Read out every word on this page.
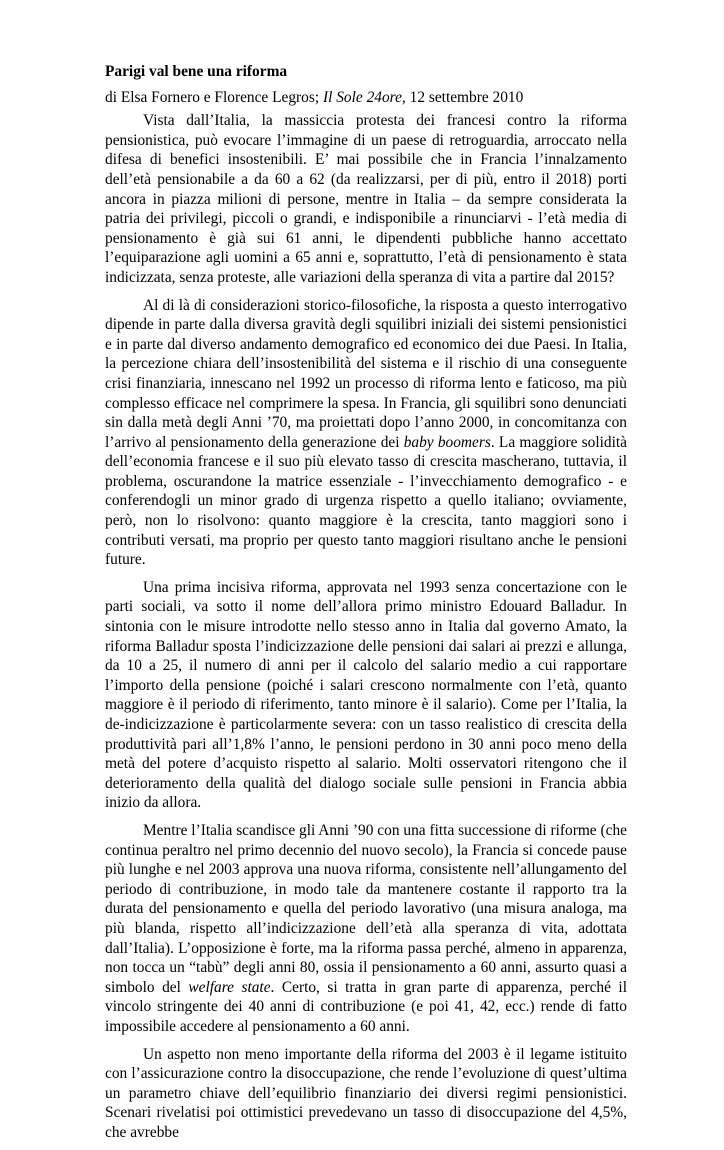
Parigi val bene una riforma

di Elsa Fornero e Florence Legros; Il Sole 24ore, 12 settembre 2010

Vista dall’Italia, la massiccia protesta dei francesi contro la riforma pensionistica, può evocare l’immagine di un paese di retroguardia, arroccato nella difesa di benefici insostenibili. E’ mai possibile che in Francia l’innalzamento dell’età pensionabile a da 60 a 62 (da realizzarsi, per di più, entro il 2018) porti ancora in piazza milioni di persone, mentre in Italia – da sempre considerata la patria dei privilegi, piccoli o grandi, e indisponibile a rinunciarvi - l’età media di pensionamento è già sui 61 anni, le dipendenti pubbliche hanno accettato l’equiparazione agli uomini a 65 anni e, soprattutto, l’età di pensionamento è stata indicizzata, senza proteste, alle variazioni della speranza di vita a partire dal 2015?

Al di là di considerazioni storico-filosofiche, la risposta a questo interrogativo dipende in parte dalla diversa gravità degli squilibri iniziali dei sistemi pensionistici e in parte dal diverso andamento demografico ed economico dei due Paesi. In Italia, la percezione chiara dell’insostenibilità del sistema e il rischio di una conseguente crisi finanziaria, innescano nel 1992 un processo di riforma lento e faticoso, ma più complesso efficace nel comprimere la spesa. In Francia, gli squilibri sono denunciati sin dalla metà degli Anni ’70, ma proiettati dopo l’anno 2000, in concomitanza con l’arrivo al pensionamento della generazione dei baby boomers. La maggiore solidità dell’economia francese e il suo più elevato tasso di crescita mascherano, tuttavia, il problema, oscurandone la matrice essenziale - l’invecchiamento demografico - e conferendogli un minor grado di urgenza rispetto a quello italiano; ovviamente, però, non lo risolvono: quanto maggiore è la crescita, tanto maggiori sono i contributi versati, ma proprio per questo tanto maggiori risultano anche le pensioni future.

Una prima incisiva riforma, approvata nel 1993 senza concertazione con le parti sociali, va sotto il nome dell’allora primo ministro Edouard Balladur. In sintonia con le misure introdotte nello stesso anno in Italia dal governo Amato, la riforma Balladur sposta l’indicizzazione delle pensioni dai salari ai prezzi e allunga, da 10 a 25, il numero di anni per il calcolo del salario medio a cui rapportare l’importo della pensione (poiché i salari crescono normalmente con l’età, quanto maggiore è il periodo di riferimento, tanto minore è il salario). Come per l’Italia, la de-indicizzazione è particolarmente severa: con un tasso realistico di crescita della produttività pari all’1,8% l’anno, le pensioni perdono in 30 anni poco meno della metà del potere d’acquisto rispetto al salario. Molti osservatori ritengono che il deterioramento della qualità del dialogo sociale sulle pensioni in Francia abbia inizio da allora.

Mentre l’Italia scandisce gli Anni ’90 con una fitta successione di riforme (che continua peraltro nel primo decennio del nuovo secolo), la Francia si concede pause più lunghe e nel 2003 approva una nuova riforma, consistente nell’allungamento del periodo di contribuzione, in modo tale da mantenere costante il rapporto tra la durata del pensionamento e quella del periodo lavorativo (una misura analoga, ma più blanda, rispetto all’indicizzazione dell’età alla speranza di vita, adottata dall’Italia). L’opposizione è forte, ma la riforma passa perché, almeno in apparenza, non tocca un “tabù” degli anni 80, ossia il pensionamento a 60 anni, assurto quasi a simbolo del welfare state. Certo, si tratta in gran parte di apparenza, perché il vincolo stringente dei 40 anni di contribuzione (e poi 41, 42, ecc.) rende di fatto impossibile accedere al pensionamento a 60 anni.

Un aspetto non meno importante della riforma del 2003 è il legame istituito con l’assicurazione contro la disoccupazione, che rende l’evoluzione di quest’ultima un parametro chiave dell’equilibrio finanziario dei diversi regimi pensionistici. Scenari rivelatisi poi ottimistici prevedevano un tasso di disoccupazione del 4,5%, che avrebbe
